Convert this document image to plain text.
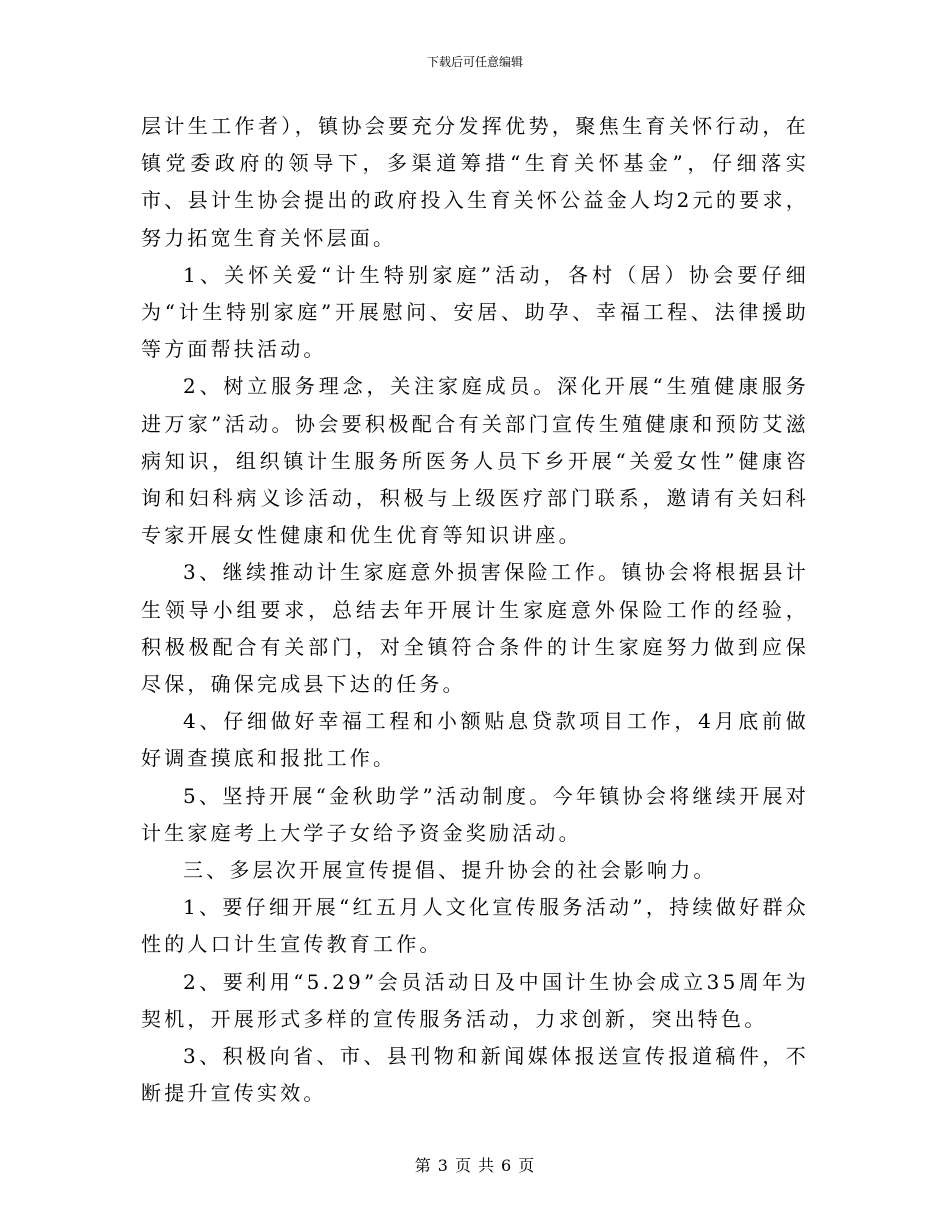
下载后可任意编辑

层计生工作者），镇协会要充分发挥优势，聚焦生育关怀行动，在镇党委政府的领导下，多渠道筹措“生育关怀基金”，仔细落实市、县计生协会提出的政府投入生育关怀公益金人均2元的要求，努力拓宽生育关怀层面。

1、关怀关爱“计生特别家庭”活动，各村（居）协会要仔细为“计生特别家庭”开展慰问、安居、助孕、幸福工程、法律援助等方面帮扶活动。

2、树立服务理念，关注家庭成员。深化开展“生殖健康服务进万家”活动。协会要积极配合有关部门宣传生殖健康和预防艾滋病知识，组织镇计生服务所医务人员下乡开展“关爱女性”健康咨询和妇科病义诊活动，积极与上级医疗部门联系，邀请有关妇科专家开展女性健康和优生优育等知识讲座。

3、继续推动计生家庭意外损害保险工作。镇协会将根据县计生领导小组要求，总结去年开展计生家庭意外保险工作的经验，积极极配合有关部门，对全镇符合条件的计生家庭努力做到应保尽保，确保完成县下达的任务。

4、仔细做好幸福工程和小额贴息贷款项目工作，4月底前做好调查摸底和报批工作。

5、坚持开展“金秋助学”活动制度。今年镇协会将继续开展对计生家庭考上大学子女给予资金奖励活动。

三、多层次开展宣传提倡、提升协会的社会影响力。

1、要仔细开展“红五月人文化宣传服务活动”，持续做好群众性的人口计生宣传教育工作。

2、要利用“5.29”会员活动日及中国计生协会成立35周年为契机，开展形式多样的宣传服务活动，力求创新，突出特色。

3、积极向省、市、县刊物和新闻媒体报送宣传报道稿件，不断提升宣传实效。

第 3 页 共 6 页
